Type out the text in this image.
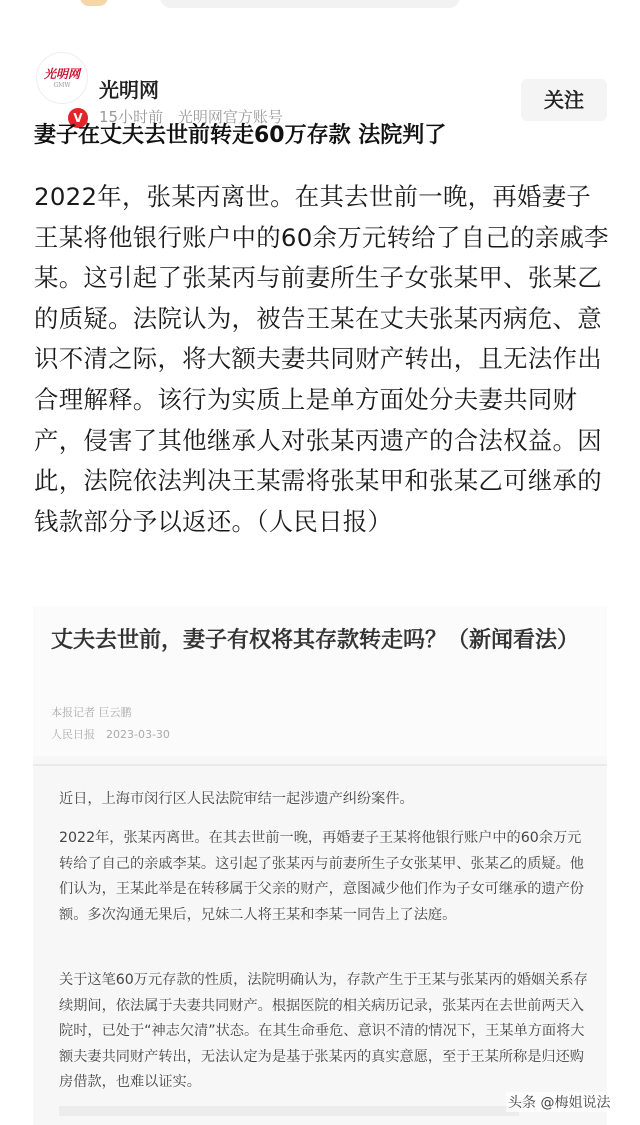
光明网
GMW
V
光明网
15小时前 光明网官方账号
关注
妻子在丈夫去世前转走60万存款 法院判了
2022年，张某丙离世。在其去世前一晚，再婚妻子王某将他银行账户中的60余万元转给了自己的亲戚李某。这引起了张某丙与前妻所生子女张某甲、张某乙的质疑。法院认为，被告王某在丈夫张某丙病危、意识不清之际，将大额夫妻共同财产转出，且无法作出合理解释。该行为实质上是单方面处分夫妻共同财产，侵害了其他继承人对张某丙遗产的合法权益。因此，法院依法判决王某需将张某甲和张某乙可继承的钱款部分予以返还。（人民日报）
丈夫去世前，妻子有权将其存款转走吗？（新闻看法）
本报记者 巨云鹏
人民日报　2023-03-30
近日，上海市闵行区人民法院审结一起涉遗产纠纷案件。
2022年，张某丙离世。在其去世前一晚，再婚妻子王某将他银行账户中的60余万元转给了自己的亲戚李某。这引起了张某丙与前妻所生子女张某甲、张某乙的质疑。他们认为，王某此举是在转移属于父亲的财产，意图减少他们作为子女可继承的遗产份额。多次沟通无果后，兄妹二人将王某和李某一同告上了法庭。
关于这笔60万元存款的性质，法院明确认为，存款产生于王某与张某丙的婚姻关系存续期间，依法属于夫妻共同财产。根据医院的相关病历记录，张某丙在去世前两天入院时，已处于“神志欠清”状态。在其生命垂危、意识不清的情况下，王某单方面将大额夫妻共同财产转出，无法认定为是基于张某丙的真实意愿，至于王某所称是归还购房借款，也难以证实。
头条 @梅姐说法
